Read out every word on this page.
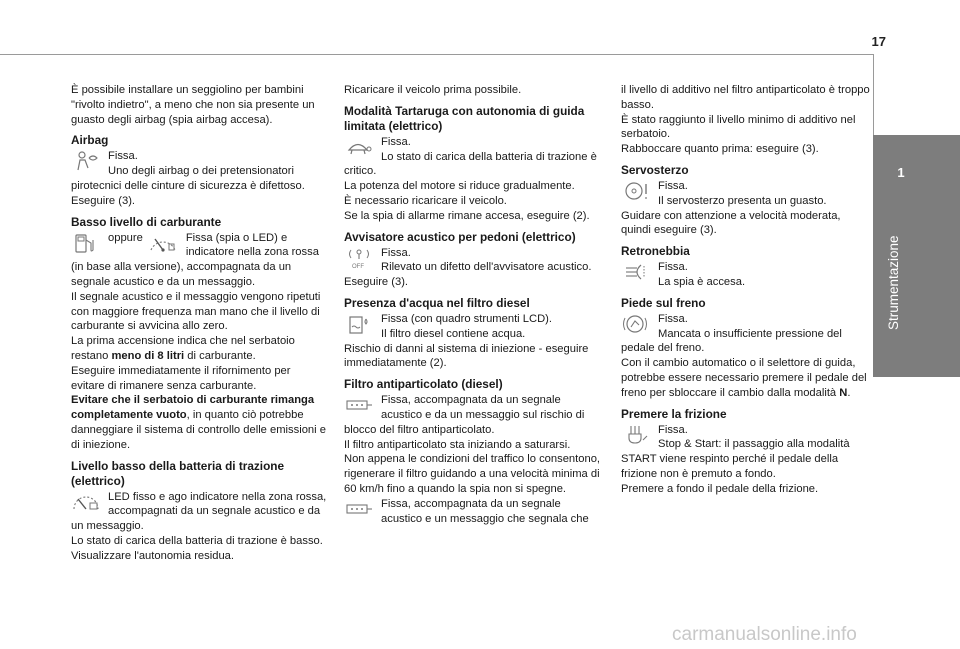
17
1
Strumentazione

È possibile installare un seggiolino per bambini "rivolto indietro", a meno che non sia presente un guasto degli airbag (spia airbag accesa).

Airbag

Fissa.

Uno degli airbag o dei pretensionatori pirotecnici delle cinture di sicurezza è difettoso.

Eseguire (3).

Basso livello di carburante
oppure	Fissa (spia o LED) e indicatore nella zona rossa (in base alla versione), accompagnata da un segnale acustico e da un messaggio.

Il segnale acustico e il messaggio vengono ripetuti con maggiore frequenza man mano che il livello di carburante si avvicina allo zero.

La prima accensione indica che nel serbatoio restano meno di 8 litri di carburante.

Eseguire immediatamente il rifornimento per evitare di rimanere senza carburante.

Evitare che il serbatoio di carburante rimanga completamente vuoto, in quanto ciò potrebbe danneggiare il sistema di controllo delle emissioni e di iniezione.

Livello basso della batteria di trazione (elettrico)

LED fisso e ago indicatore nella zona rossa, accompagnati da un segnale acustico e da un messaggio.

Lo stato di carica della batteria di trazione è basso.

Visualizzare l'autonomia residua.

Ricaricare il veicolo prima possibile.

Modalità Tartaruga con autonomia di guida limitata (elettrico)

Fissa.

Lo stato di carica della batteria di trazione è critico.

La potenza del motore si riduce gradualmente.

È necessario ricaricare il veicolo.

Se la spia di allarme rimane accesa, eseguire (2).

Avvisatore acustico per pedoni (elettrico)
OFF

Fissa.

Rilevato un difetto dell'avvisatore acustico.

Eseguire (3).

Presenza d'acqua nel filtro diesel

Fissa (con quadro strumenti LCD).

Il filtro diesel contiene acqua.

Rischio di danni al sistema di iniezione - eseguire immediatamente (2).

Filtro antiparticolato (diesel)

Fissa, accompagnata da un segnale acustico e da un messaggio sul rischio di blocco del filtro antiparticolato.

Il filtro antiparticolato sta iniziando a saturarsi.

Non appena le condizioni del traffico lo consentono, rigenerare il filtro guidando a una velocità minima di 60 km/h fino a quando la spia non si spegne.

Fissa, accompagnata da un segnale acustico e un messaggio che segnala che

il livello di additivo nel filtro antiparticolato è troppo basso.

È stato raggiunto il livello minimo di additivo nel serbatoio.

Rabboccare quanto prima: eseguire (3).

Servosterzo

Fissa.

Il servosterzo presenta un guasto.

Guidare con attenzione a velocità moderata, quindi eseguire (3).

Retronebbia

Fissa.

La spia è accesa.

Piede sul freno

Fissa.

Mancata o insufficiente pressione del pedale del freno.

Con il cambio automatico o il selettore di guida, potrebbe essere necessario premere il pedale del freno per sbloccare il cambio dalla modalità N.

Premere la frizione

Fissa.

Stop & Start: il passaggio alla modalità START viene respinto perché il pedale della frizione non è premuto a fondo.

Premere a fondo il pedale della frizione.

carmanualsonline.info
